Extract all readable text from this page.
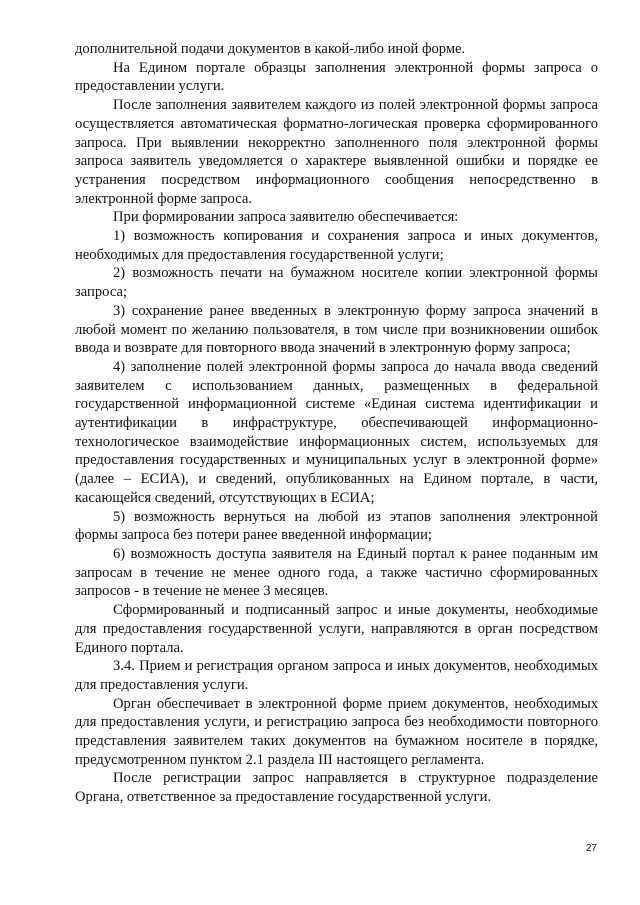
дополнительной подачи документов в какой-либо иной форме.

На Едином портале образцы заполнения электронной формы запроса о предоставлении услуги.

После заполнения заявителем каждого из полей электронной формы запроса осуществляется автоматическая форматно-логическая проверка сформированного запроса. При выявлении некорректно заполненного поля электронной формы запроса заявитель уведомляется о характере выявленной ошибки и порядке ее устранения посредством информационного сообщения непосредственно в электронной форме запроса.

При формировании запроса заявителю обеспечивается:

1) возможность копирования и сохранения запроса и иных документов, необходимых для предоставления государственной услуги;

2) возможность печати на бумажном носителе копии электронной формы запроса;

3) сохранение ранее введенных в электронную форму запроса значений в любой момент по желанию пользователя, в том числе при возникновении ошибок ввода и возврате для повторного ввода значений в электронную форму запроса;

4) заполнение полей электронной формы запроса до начала ввода сведений заявителем с использованием данных, размещенных в федеральной государственной информационной системе «Единая система идентификации и аутентификации в инфраструктуре, обеспечивающей информационно-технологическое взаимодействие информационных систем, используемых для предоставления государственных и муниципальных услуг в электронной форме» (далее – ЕСИА), и сведений, опубликованных на Едином портале, в части, касающейся сведений, отсутствующих в ЕСИА;

5) возможность вернуться на любой из этапов заполнения электронной формы запроса без потери ранее введенной информации;

6) возможность доступа заявителя на Единый портал к ранее поданным им запросам в течение не менее одного года, а также частично сформированных запросов - в течение не менее 3 месяцев.

Сформированный и подписанный запрос и иные документы, необходимые для предоставления государственной услуги, направляются в орган посредством Единого портала.

3.4. Прием и регистрация органом запроса и иных документов, необходимых для предоставления услуги.

Орган обеспечивает в электронной форме прием документов, необходимых для предоставления услуги, и регистрацию запроса без необходимости повторного представления заявителем таких документов на бумажном носителе в порядке, предусмотренном пунктом 2.1 раздела III настоящего регламента.

После регистрации запрос направляется в структурное подразделение Органа, ответственное за предоставление государственной услуги.

27
